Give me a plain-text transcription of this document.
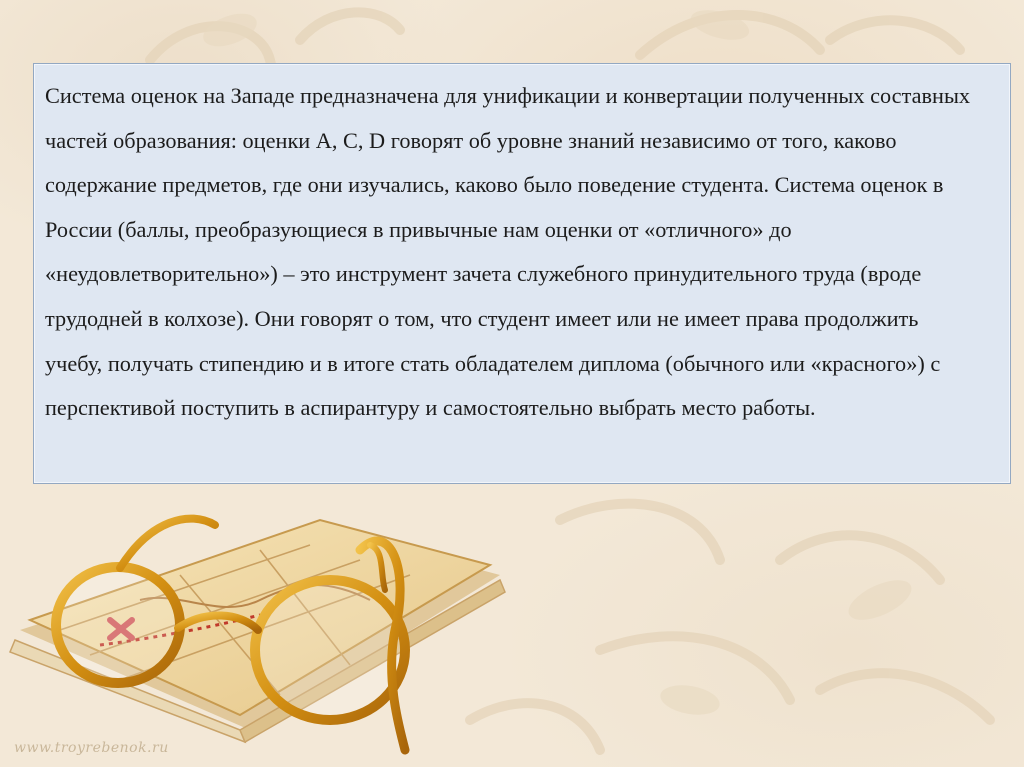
Система оценок на Западе предназначена для унификации и конвертации полученных составных частей образования: оценки А, С, D говорят об уровне знаний независимо от того, каково содержание предметов, где они изучались, каково было поведение студента. Система оценок в России (баллы, преобразующиеся в привычные нам оценки от «отличного» до «неудовлетворительно») – это инструмент зачета служебного принудительного труда (вроде трудодней в колхозе). Они говорят о том, что студент имеет или не имеет права продолжить учебу, получать стипендию и в итоге стать обладателем диплома (обычного или «красного») с перспективой поступить в аспирантуру и самостоятельно выбрать место работы.

www.troyrebenok.ru
